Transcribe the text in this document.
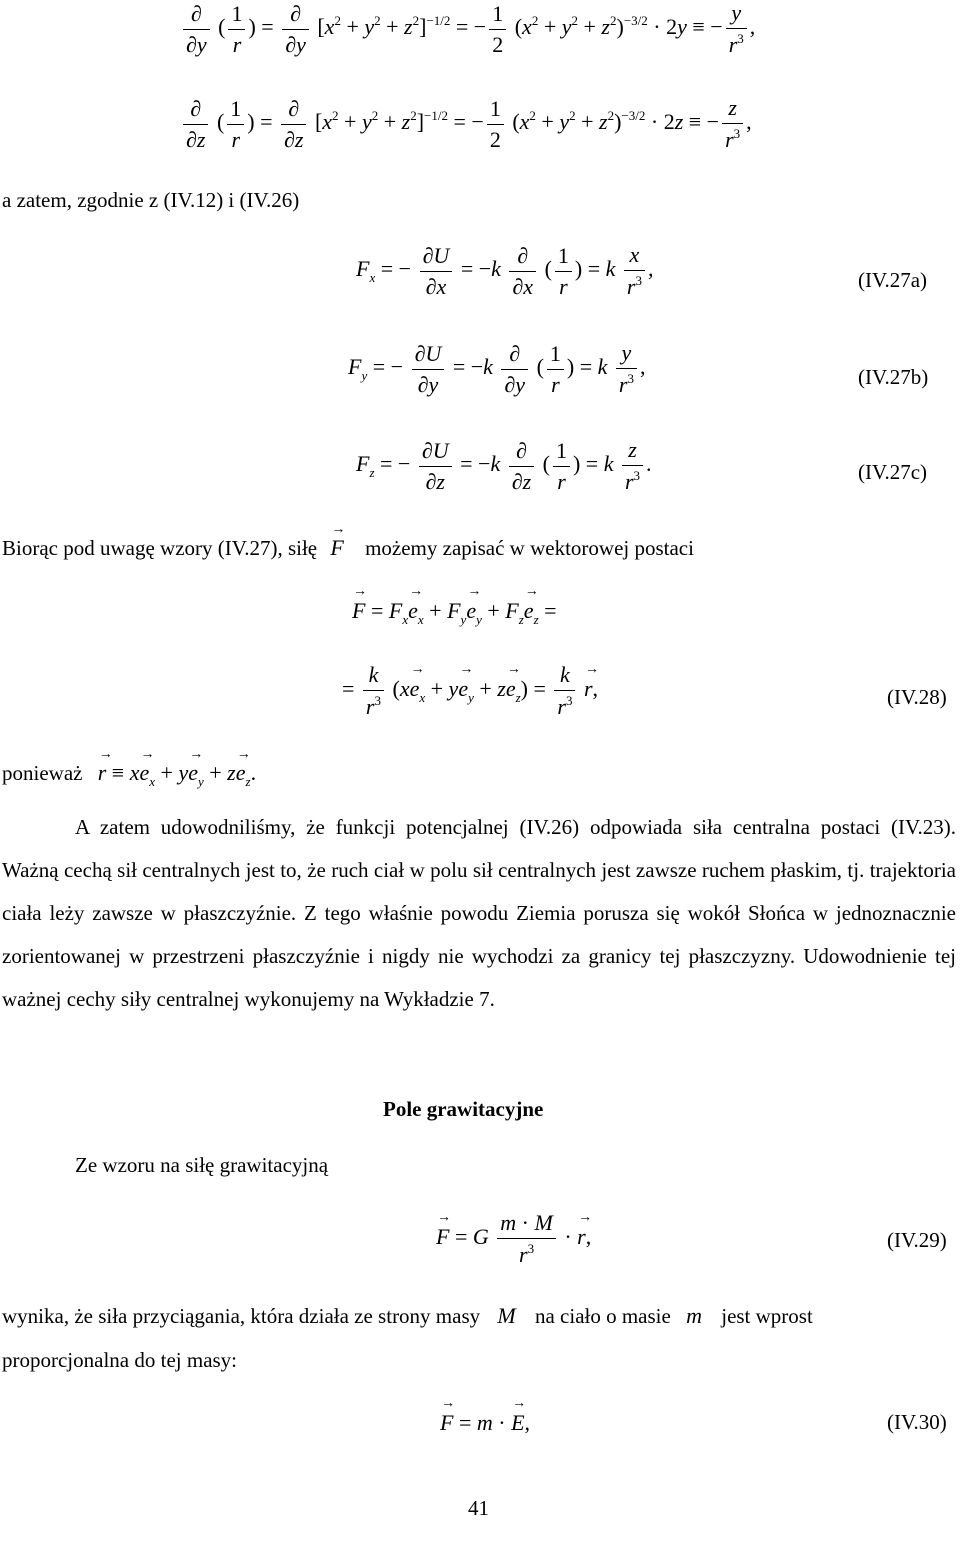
$\frac{\partial}{\partial y}$ ( $\frac{1}{r}$ ) = $\frac{\partial}{\partial y} [x^2 + y^2 + z^2]^{-1/2}$ = − $\frac{1}{2} (x^2 + y^2 + z^2)^{-3/2} \cdot 2y$ ≡ − $\frac{y}{r^3}$ ,
$\frac{\partial}{\partial z}$ ( $\frac{1}{r}$ ) = $\frac{\partial}{\partial z} [x^2 + y^2 + z^2]^{-1/2}$ = − $\frac{1}{2} (x^2 + y^2 + z^2)^{-3/2} \cdot 2z$ ≡ − $\frac{z}{r^3}$ ,
a zatem, zgodnie z (IV.12) i (IV.26)
$F_x$ = − $\frac{\partial U}{\partial x} = -k \frac{\partial}{\partial x}$ ( $\frac{1}{r}$ ) = k $\frac{x}{r^3}$ ,	(IV.27a)
$F_y$ = − $\frac{\partial U}{\partial y} = -k \frac{\partial}{\partial y}$ ( $\frac{1}{r}$ ) = k $\frac{y}{r^3}$ ,	(IV.27b)
$F_z$ = − $\frac{\partial U}{\partial z} = -k \frac{\partial}{\partial z}$ ( $\frac{1}{r}$ ) = k $\frac{z}{r^3}$ .	(IV.27c)
Biorąc pod uwagę wzory (IV.27), siłę → F możemy zapisać w wektorowej postaci
→ $F = F_x\to e_x + F_y\to e_y + F_z\to e_z$ =
= $\frac{k}{r^3} (x\to e_x + y\to e_y + z\to e_z) = \frac{k}{r^3}$
→ r,	(IV.28)
ponieważ → $r \equiv x\to e_x + y\to e_y + z\to e_z$.
A zatem udowodniliśmy, że funkcji potencjalnej (IV.26) odpowiada siła centralna postaci (IV.23). Ważną cechą sił centralnych jest to, że ruch ciał w polu sił centralnych jest zawsze ruchem płaskim, tj. trajektoria ciała leży zawsze w płaszczyźnie. Z tego właśnie powodu Ziemia porusza się wokół Słońca w jednoznacznie zorientowanej w przestrzeni płaszczyźnie i nigdy nie wychodzi za granicy tej płaszczyzny. Udowodnienie tej ważnej cechy siły centralnej wykonujemy na Wykładzie 7.
Pole grawitacyjne
Ze wzoru na siłę grawitacyjną
→ F = G $\frac{m \cdot M}{r^3}$ · → r,	(IV.29)
wynika, że siła przyciągania, która działa ze strony masy M na ciało o masie m jest wprost
proporcjonalna do tej masy:
→ F = m · → E,	(IV.30)
41
